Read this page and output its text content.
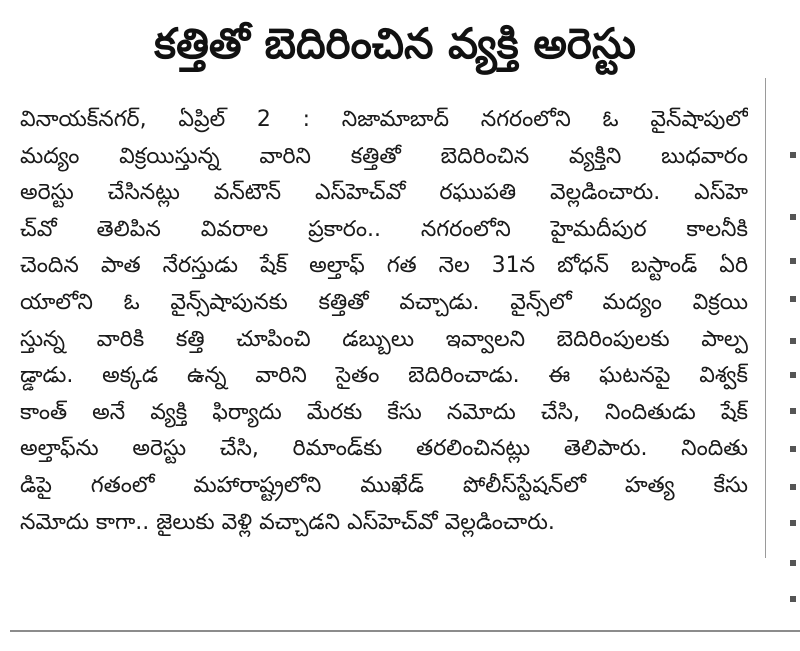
కత్తితో బెదిరించిన వ్యక్తి అరెస్టు
వినాయక్‌నగర్, ఏప్రిల్ 2 : నిజామాబాద్ నగరంలోని ఓ వైన్‌షాపులో
మద్యం విక్రయిస్తున్న వారిని కత్తితో బెదిరించిన వ్యక్తిని బుధవారం
అరెస్టు చేసినట్లు వన్‌టౌన్ ఎస్‌హెచ్‌వో రఘుపతి వెల్లడించారు. ఎస్‌హె
చ్‌వో తెలిపిన వివరాల ప్రకారం.. నగరంలోని హైమదీపుర కాలనీకి
చెందిన పాత నేరస్తుడు షేక్ అల్తాఫ్ గత నెల 31న బోధన్ బస్టాండ్ ఏరి
యాలోని ఓ వైన్స్‌షాపునకు కత్తితో వచ్చాడు. వైన్స్‌లో మద్యం విక్రయి
స్తున్న వారికి కత్తి చూపించి డబ్బులు ఇవ్వాలని బెదిరింపులకు పాల్ప
డ్డాడు. అక్కడ ఉన్న వారిని సైతం బెదిరించాడు. ఈ ఘటనపై విశ్వక్
కాంత్ అనే వ్యక్తి ఫిర్యాదు మేరకు కేసు నమోదు చేసి, నిందితుడు షేక్
అల్తాఫ్‌ను అరెస్టు చేసి, రిమాండ్‌కు తరలించినట్లు తెలిపారు. నిందితు
డిపై గతంలో మహారాష్ట్రలోని ముఖేడ్ పోలీస్‌స్టేషన్‌లో హత్య కేసు
నమోదు కాగా.. జైలుకు వెళ్లి వచ్చాడని ఎస్‌హెచ్‌వో వెల్లడించారు.
